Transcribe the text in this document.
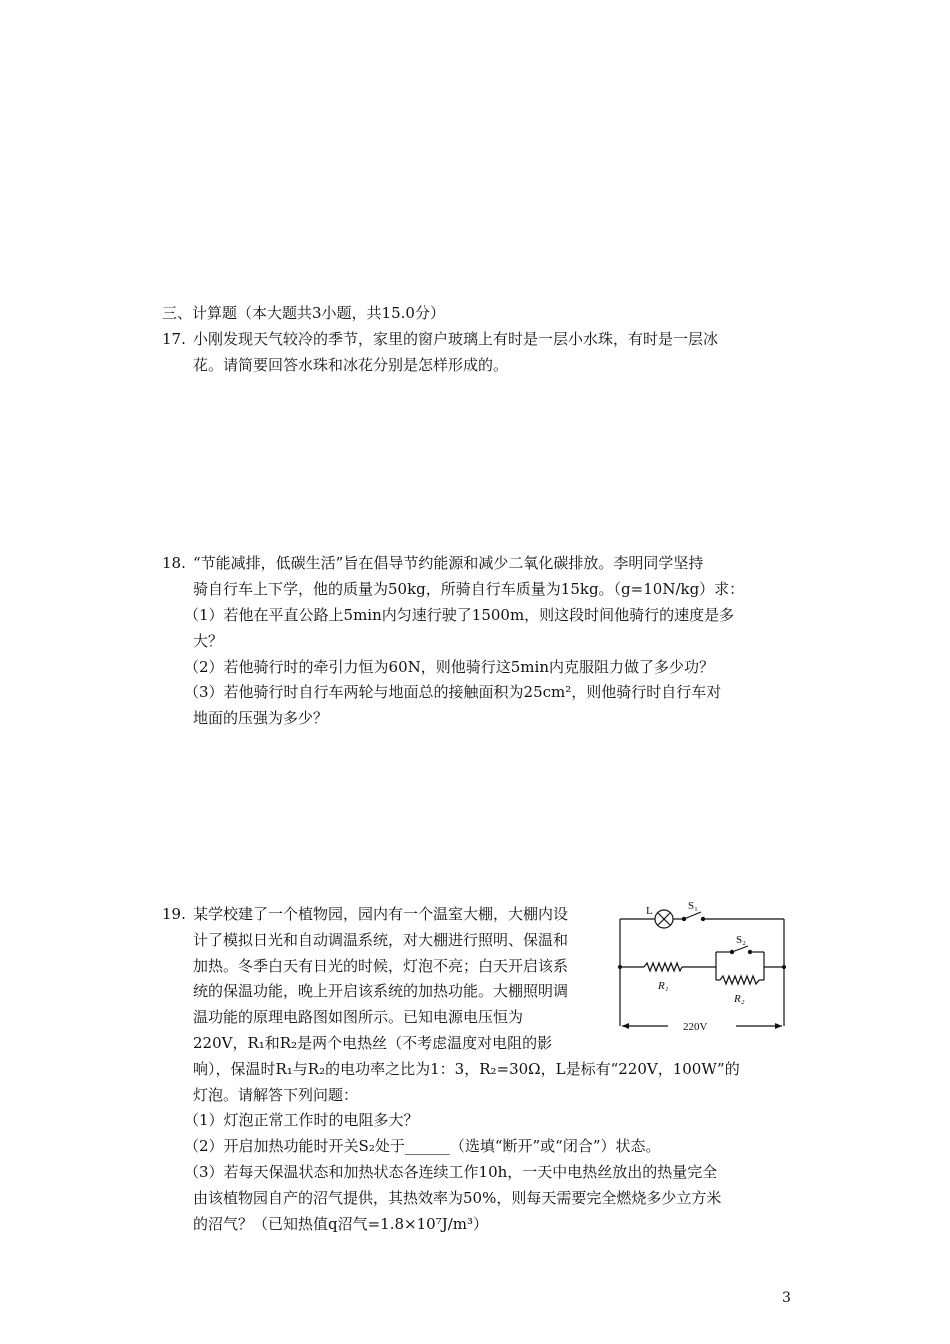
三、计算题（本大题共3小题，共15.0分）
17. 小刚发现天气较冷的季节，家里的窗户玻璃上有时是一层小水珠，有时是一层冰
花。请简要回答水珠和冰花分别是怎样形成的。
18. “节能减排，低碳生活”旨在倡导节约能源和减少二氧化碳排放。李明同学坚持
骑自行车上下学，他的质量为50kg，所骑自行车质量为15kg。（g=10N/kg）求：
（1）若他在平直公路上5min内匀速行驶了1500m，则这段时间他骑行的速度是多
大？
（2）若他骑行时的牵引力恒为60N，则他骑行这5min内克服阻力做了多少功？
（3）若他骑行时自行车两轮与地面总的接触面积为25cm²，则他骑行时自行车对
地面的压强为多少？
19. 某学校建了一个植物园，园内有一个温室大棚，大棚内设
计了模拟日光和自动调温系统，对大棚进行照明、保温和
加热。冬季白天有日光的时候，灯泡不亮；白天开启该系
统的保温功能，晚上开启该系统的加热功能。大棚照明调
温功能的原理电路图如图所示。已知电源电压恒为
220V，R₁和R₂是两个电热丝（不考虑温度对电阻的影
响），保温时R₁与R₂的电功率之比为1：3，R₂=30Ω，L是标有“220V，100W”的
灯泡。请解答下列问题：
（1）灯泡正常工作时的电阻多大？
（2）开启加热功能时开关S₂处于______（选填“断开”或“闭合”）状态。
（3）若每天保温状态和加热状态各连续工作10h，一天中电热丝放出的热量完全
由该植物园自产的沼气提供，其热效率为50%，则每天需要完全燃烧多少立方米
的沼气？（已知热值q沼气=1.8×10⁷J/m³）
L	S₁
S₂
R₁
R₂
220V
3
